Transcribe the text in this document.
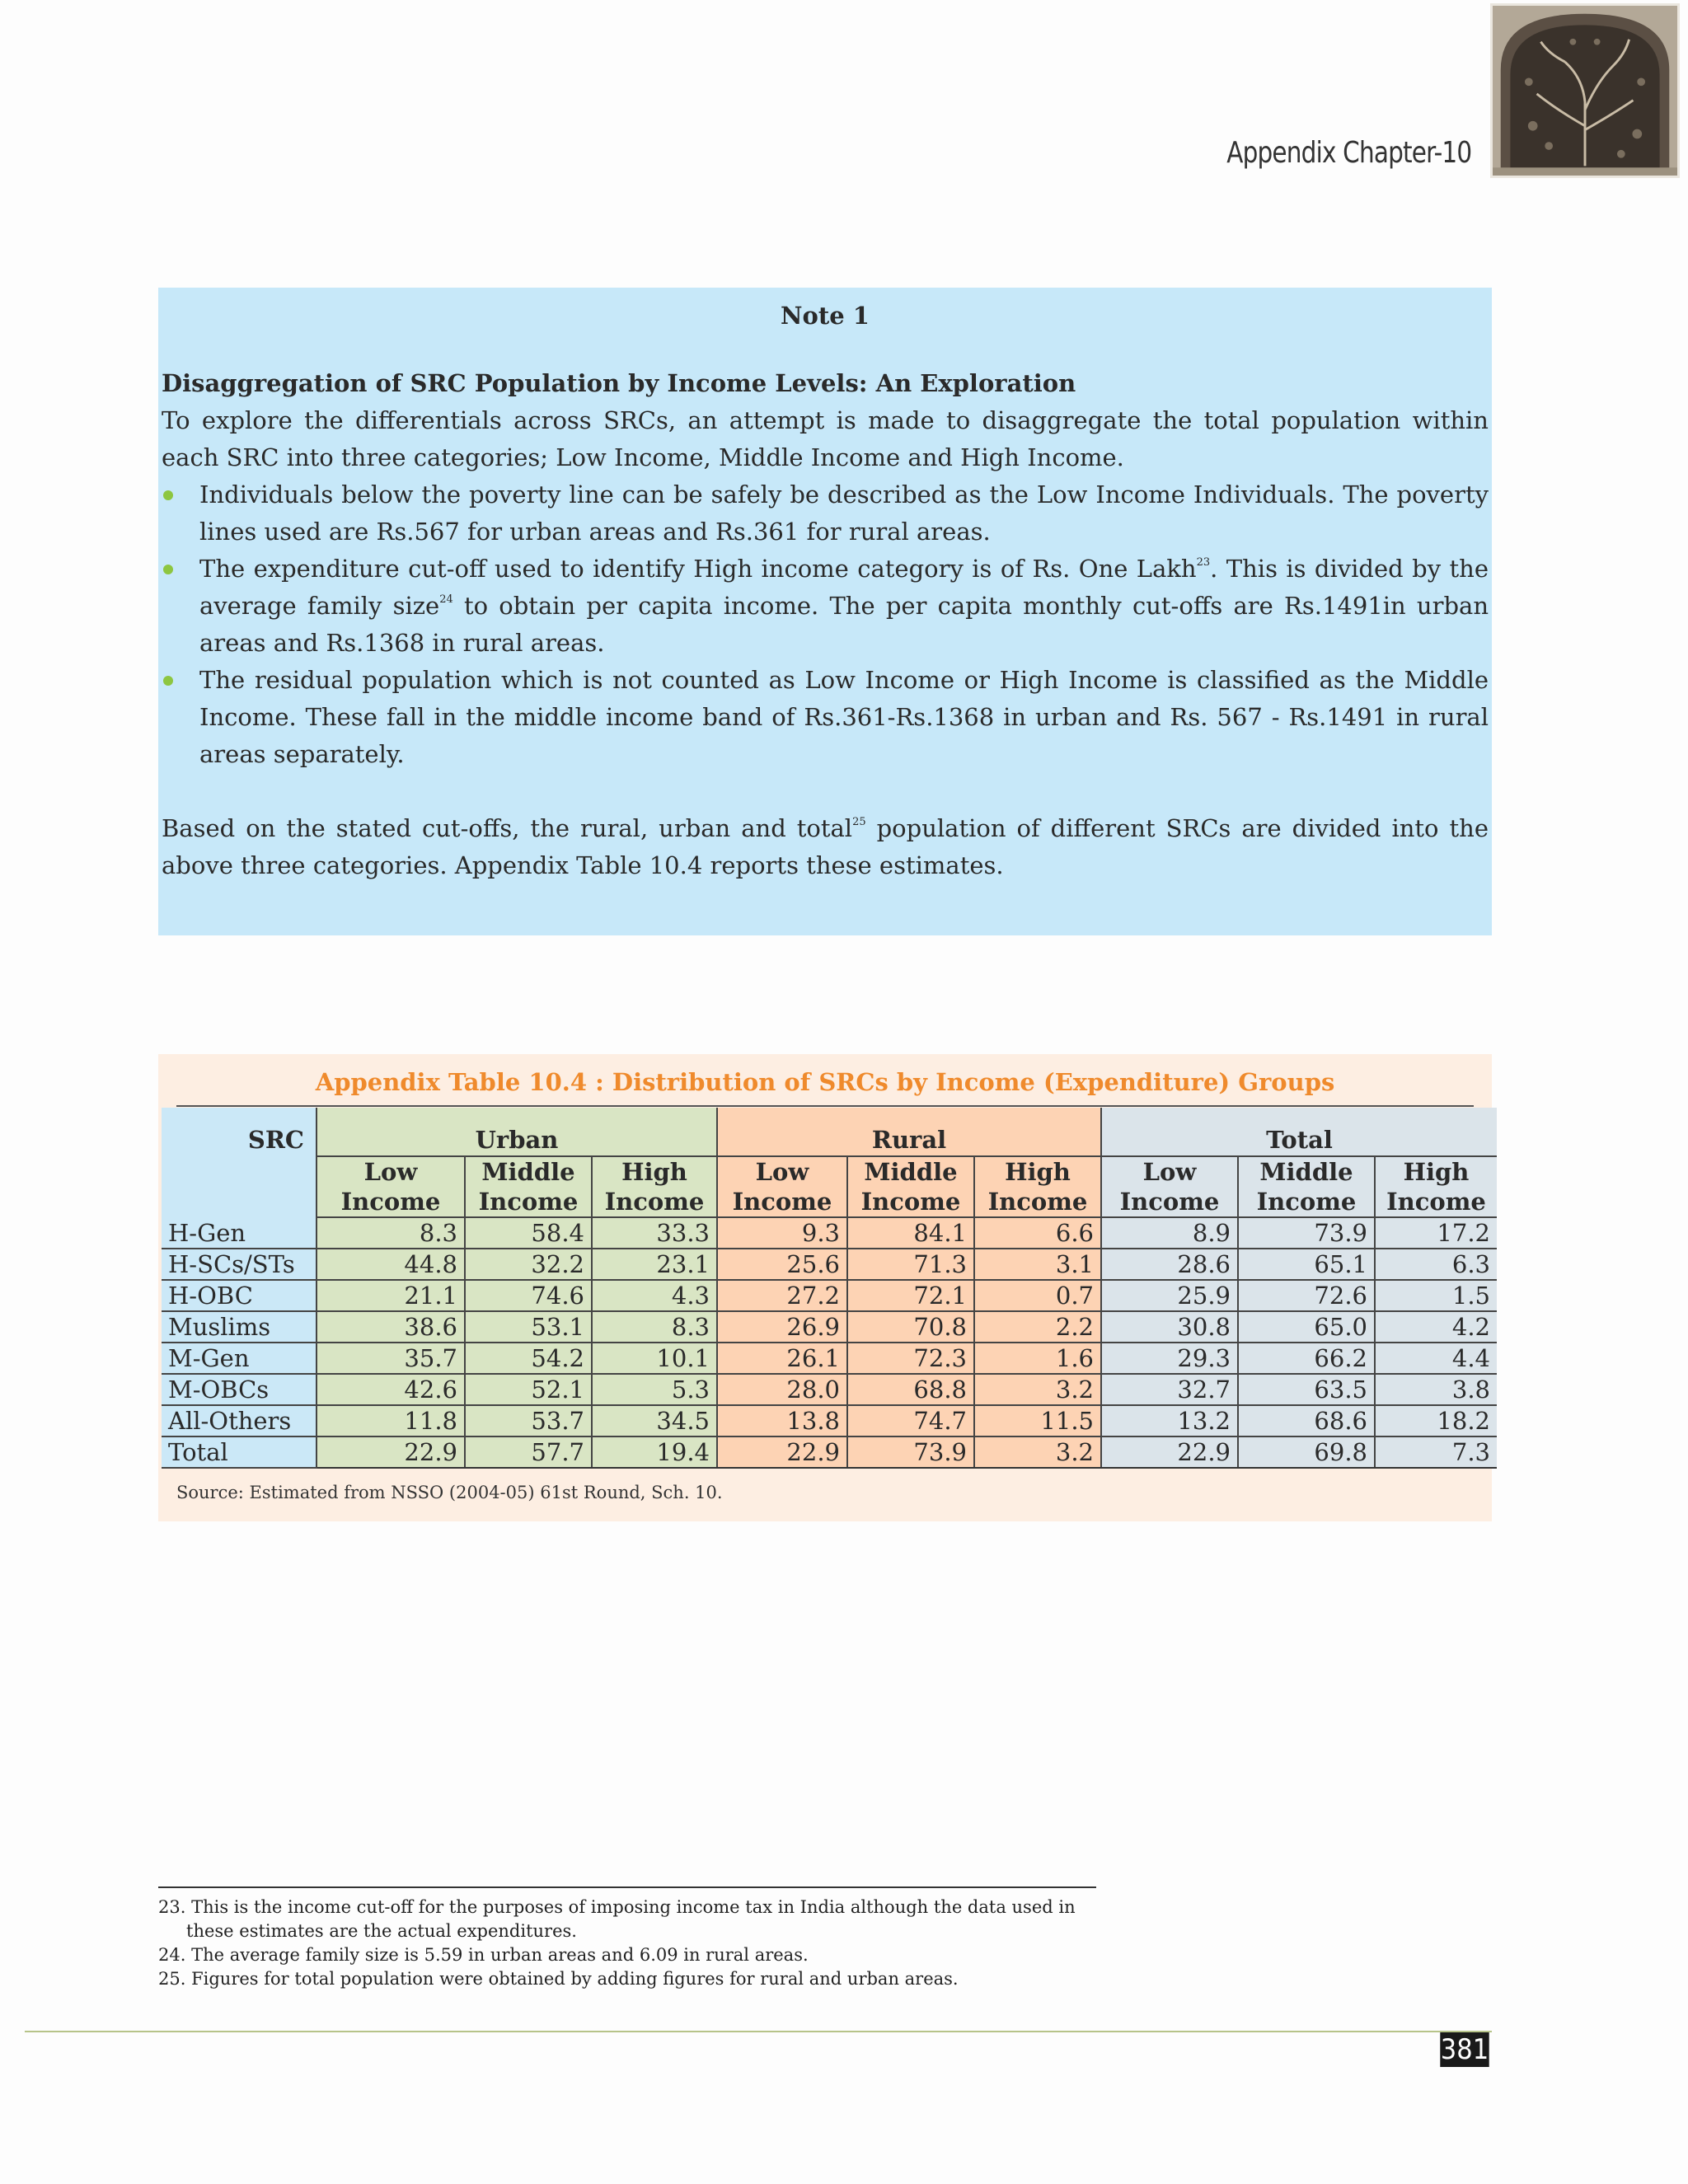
Appendix Chapter-10
Note 1
Disaggregation of SRC Population by Income Levels: An Exploration

To explore the differentials across SRCs, an attempt is made to disaggregate the total population within each SRC into three categories; Low Income, Middle Income and High Income.

Individuals below the poverty line can be safely be described as the Low Income Individuals. The poverty lines used are Rs.567 for urban areas and Rs.361 for rural areas.
The expenditure cut-off used to identify High income category is of Rs. One Lakh$^{23}$. This is divided by the average family size$^{24}$ to obtain per capita income. The per capita monthly cut-offs are Rs.1491in urban areas and Rs.1368 in rural areas.
The residual population which is not counted as Low Income or High Income is classified as the Middle Income. These fall in the middle income band of Rs.361-Rs.1368 in urban and Rs. 567 - Rs.1491 in rural areas separately.

Based on the stated cut-offs, the rural, urban and total$^{25}$ population of different SRCs are divided into the above three categories. Appendix Table 10.4 reports these estimates.

Appendix Table 10.4 : Distribution of SRCs by Income (Expenditure) Groups
Source: Estimated from NSSO (2004-05) 61st Round, Sch. 10.
SRC	Urban			Rural			Total		
	Low	Middle	High	Low	Middle	High	Low	Middle	High
	Income	Income	Income	Income	Income	Income	Income	Income	Income
H-Gen	8.3	58.4	33.3	9.3	84.1	6.6	8.9	73.9	17.2
H-SCs/STs	44.8	32.2	23.1	25.6	71.3	3.1	28.6	65.1	6.3
H-OBC	21.1	74.6	4.3	27.2	72.1	0.7	25.9	72.6	1.5
Muslims	38.6	53.1	8.3	26.9	70.8	2.2	30.8	65.0	4.2
M-Gen	35.7	54.2	10.1	26.1	72.3	1.6	29.3	66.2	4.4
M-OBCs	42.6	52.1	5.3	28.0	68.8	3.2	32.7	63.5	3.8
All-Others	11.8	53.7	34.5	13.8	74.7	11.5	13.2	68.6	18.2
Total	22.9	57.7	19.4	22.9	73.9	3.2	22.9	69.8	7.3
23. This is the income cut-off for the purposes of imposing income tax in India although the data used in these estimates are the actual expenditures.
24. The average family size is 5.59 in urban areas and 6.09 in rural areas.
25. Figures for total population were obtained by adding figures for rural and urban areas.
381
